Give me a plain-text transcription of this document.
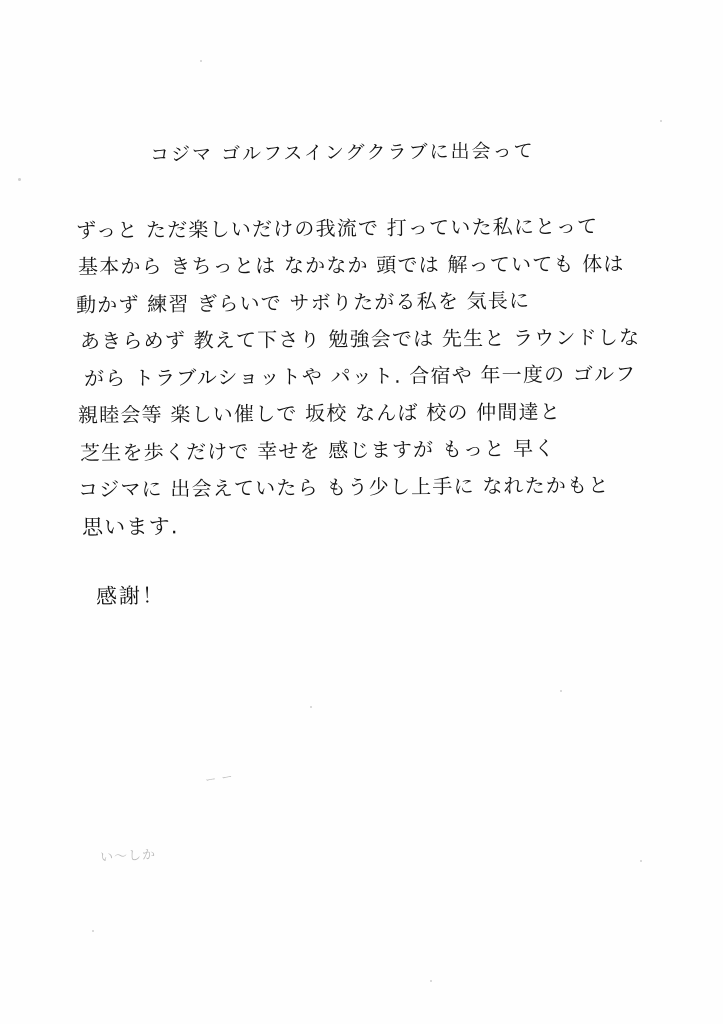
コジマ ゴルフスイングクラブに出会って
ずっと ただ楽しいだけの我流で 打っていた私にとって
基本から きちっとは なかなか 頭では 解っていても 体は
動かず 練習 ぎらいで サボりたがる私を 気長に
あきらめず 教えて下さり 勉強会では 先生と ラウンドしな
がら トラブルショットや パット. 合宿や 年一度の ゴルフ
親睦会等 楽しい催しで 坂校 なんば 校の 仲間達と
芝生を歩くだけで 幸せを 感じますが もっと 早く
コジマに 出会えていたら もう少し上手に なれたかもと
思います.
感謝！
い〜しか
ー ー
